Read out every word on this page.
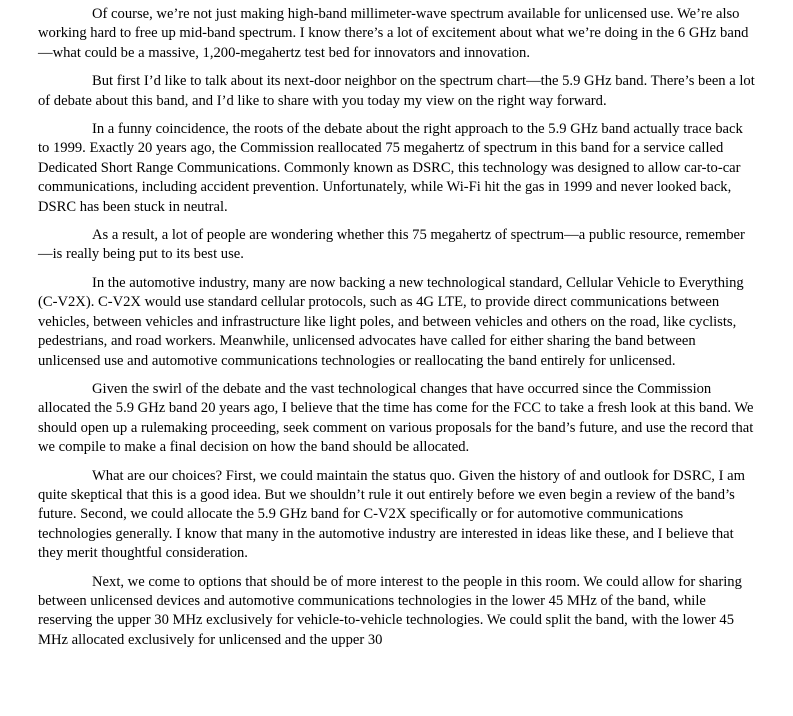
Of course, we’re not just making high-band millimeter-wave spectrum available for unlicensed use. We’re also working hard to free up mid-band spectrum. I know there’s a lot of excitement about what we’re doing in the 6 GHz band—what could be a massive, 1,200-megahertz test bed for innovators and innovation.

But first I’d like to talk about its next-door neighbor on the spectrum chart—the 5.9 GHz band. There’s been a lot of debate about this band, and I’d like to share with you today my view on the right way forward.

In a funny coincidence, the roots of the debate about the right approach to the 5.9 GHz band actually trace back to 1999. Exactly 20 years ago, the Commission reallocated 75 megahertz of spectrum in this band for a service called Dedicated Short Range Communications. Commonly known as DSRC, this technology was designed to allow car-to-car communications, including accident prevention. Unfortunately, while Wi-Fi hit the gas in 1999 and never looked back, DSRC has been stuck in neutral.

As a result, a lot of people are wondering whether this 75 megahertz of spectrum—a public resource, remember—is really being put to its best use.

In the automotive industry, many are now backing a new technological standard, Cellular Vehicle to Everything (C-V2X). C-V2X would use standard cellular protocols, such as 4G LTE, to provide direct communications between vehicles, between vehicles and infrastructure like light poles, and between vehicles and others on the road, like cyclists, pedestrians, and road workers. Meanwhile, unlicensed advocates have called for either sharing the band between unlicensed use and automotive communications technologies or reallocating the band entirely for unlicensed.

Given the swirl of the debate and the vast technological changes that have occurred since the Commission allocated the 5.9 GHz band 20 years ago, I believe that the time has come for the FCC to take a fresh look at this band. We should open up a rulemaking proceeding, seek comment on various proposals for the band’s future, and use the record that we compile to make a final decision on how the band should be allocated.

What are our choices? First, we could maintain the status quo. Given the history of and outlook for DSRC, I am quite skeptical that this is a good idea. But we shouldn’t rule it out entirely before we even begin a review of the band’s future. Second, we could allocate the 5.9 GHz band for C-V2X specifically or for automotive communications technologies generally. I know that many in the automotive industry are interested in ideas like these, and I believe that they merit thoughtful consideration.

Next, we come to options that should be of more interest to the people in this room. We could allow for sharing between unlicensed devices and automotive communications technologies in the lower 45 MHz of the band, while reserving the upper 30 MHz exclusively for vehicle-to-vehicle technologies. We could split the band, with the lower 45 MHz allocated exclusively for unlicensed and the upper 30
